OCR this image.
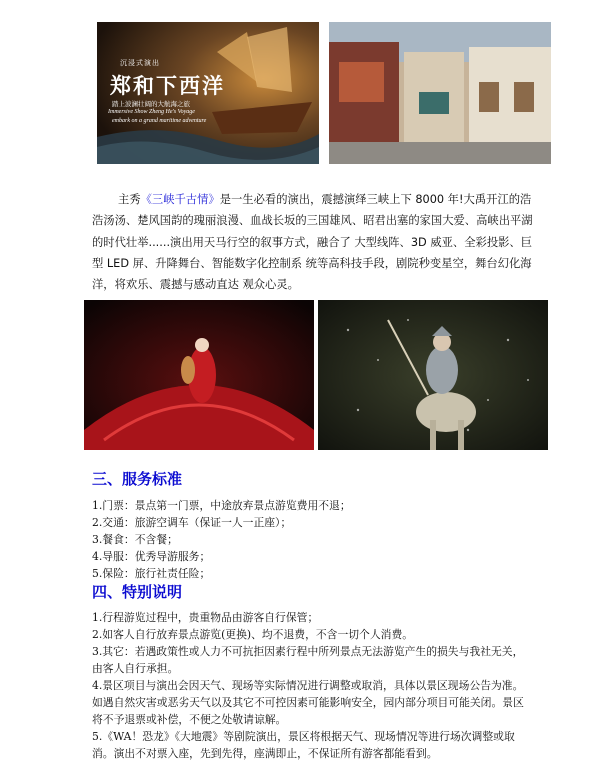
沉浸式演出
郑和下西洋
踏上波澜壮阔的大航海之旅
Immersive Show Zheng He's Voyage
embark on a grand maritime adventure

主秀《三峡千古情》是一生必看的演出，震撼演绎三峡上下 8000 年!大禹开江的浩浩汤汤、楚风国韵的瑰丽浪漫、血战长坂的三国雄风、昭君出塞的家国大爱、高峡出平湖的时代壮举......演出用天马行空的叙事方式，融合了 大型线阵、3D 威亚、全彩投影、巨型 LED 屏、升降舞台、智能数字化控制系 统等高科技手段，剧院秒变星空，舞台幻化海洋，将欢乐、震撼与感动直达 观众心灵。

三、服务标准
1.门票：景点第一门票，中途放弃景点游览费用不退；
2.交通：旅游空调车（保证一人一正座）；
3.餐食：不含餐；
4.导服：优秀导游服务；
5.保险：旅行社责任险；
四、特别说明
1.行程游览过程中，贵重物品由游客自行保管；
2.如客人自行放弃景点游览(更换)、均不退费，不含一切个人消费。
3.其它：若遇政策性或人力不可抗拒因素行程中所列景点无法游览产生的损失与我社无关，由客人自行承担。
4.景区项目与演出会因天气、现场等实际情况进行调整或取消，具体以景区现场公告为准。如遇自然灾害或恶劣天气以及其它不可控因素可能影响安全，园内部分项目可能关闭。景区将不予退票或补偿，不便之处敬请谅解。
5.《WA！恐龙》《大地震》等剧院演出，景区将根据天气、现场情况等进行场次调整或取消。演出不对票入座，先到先得，座满即止，不保证所有游客都能看到。
